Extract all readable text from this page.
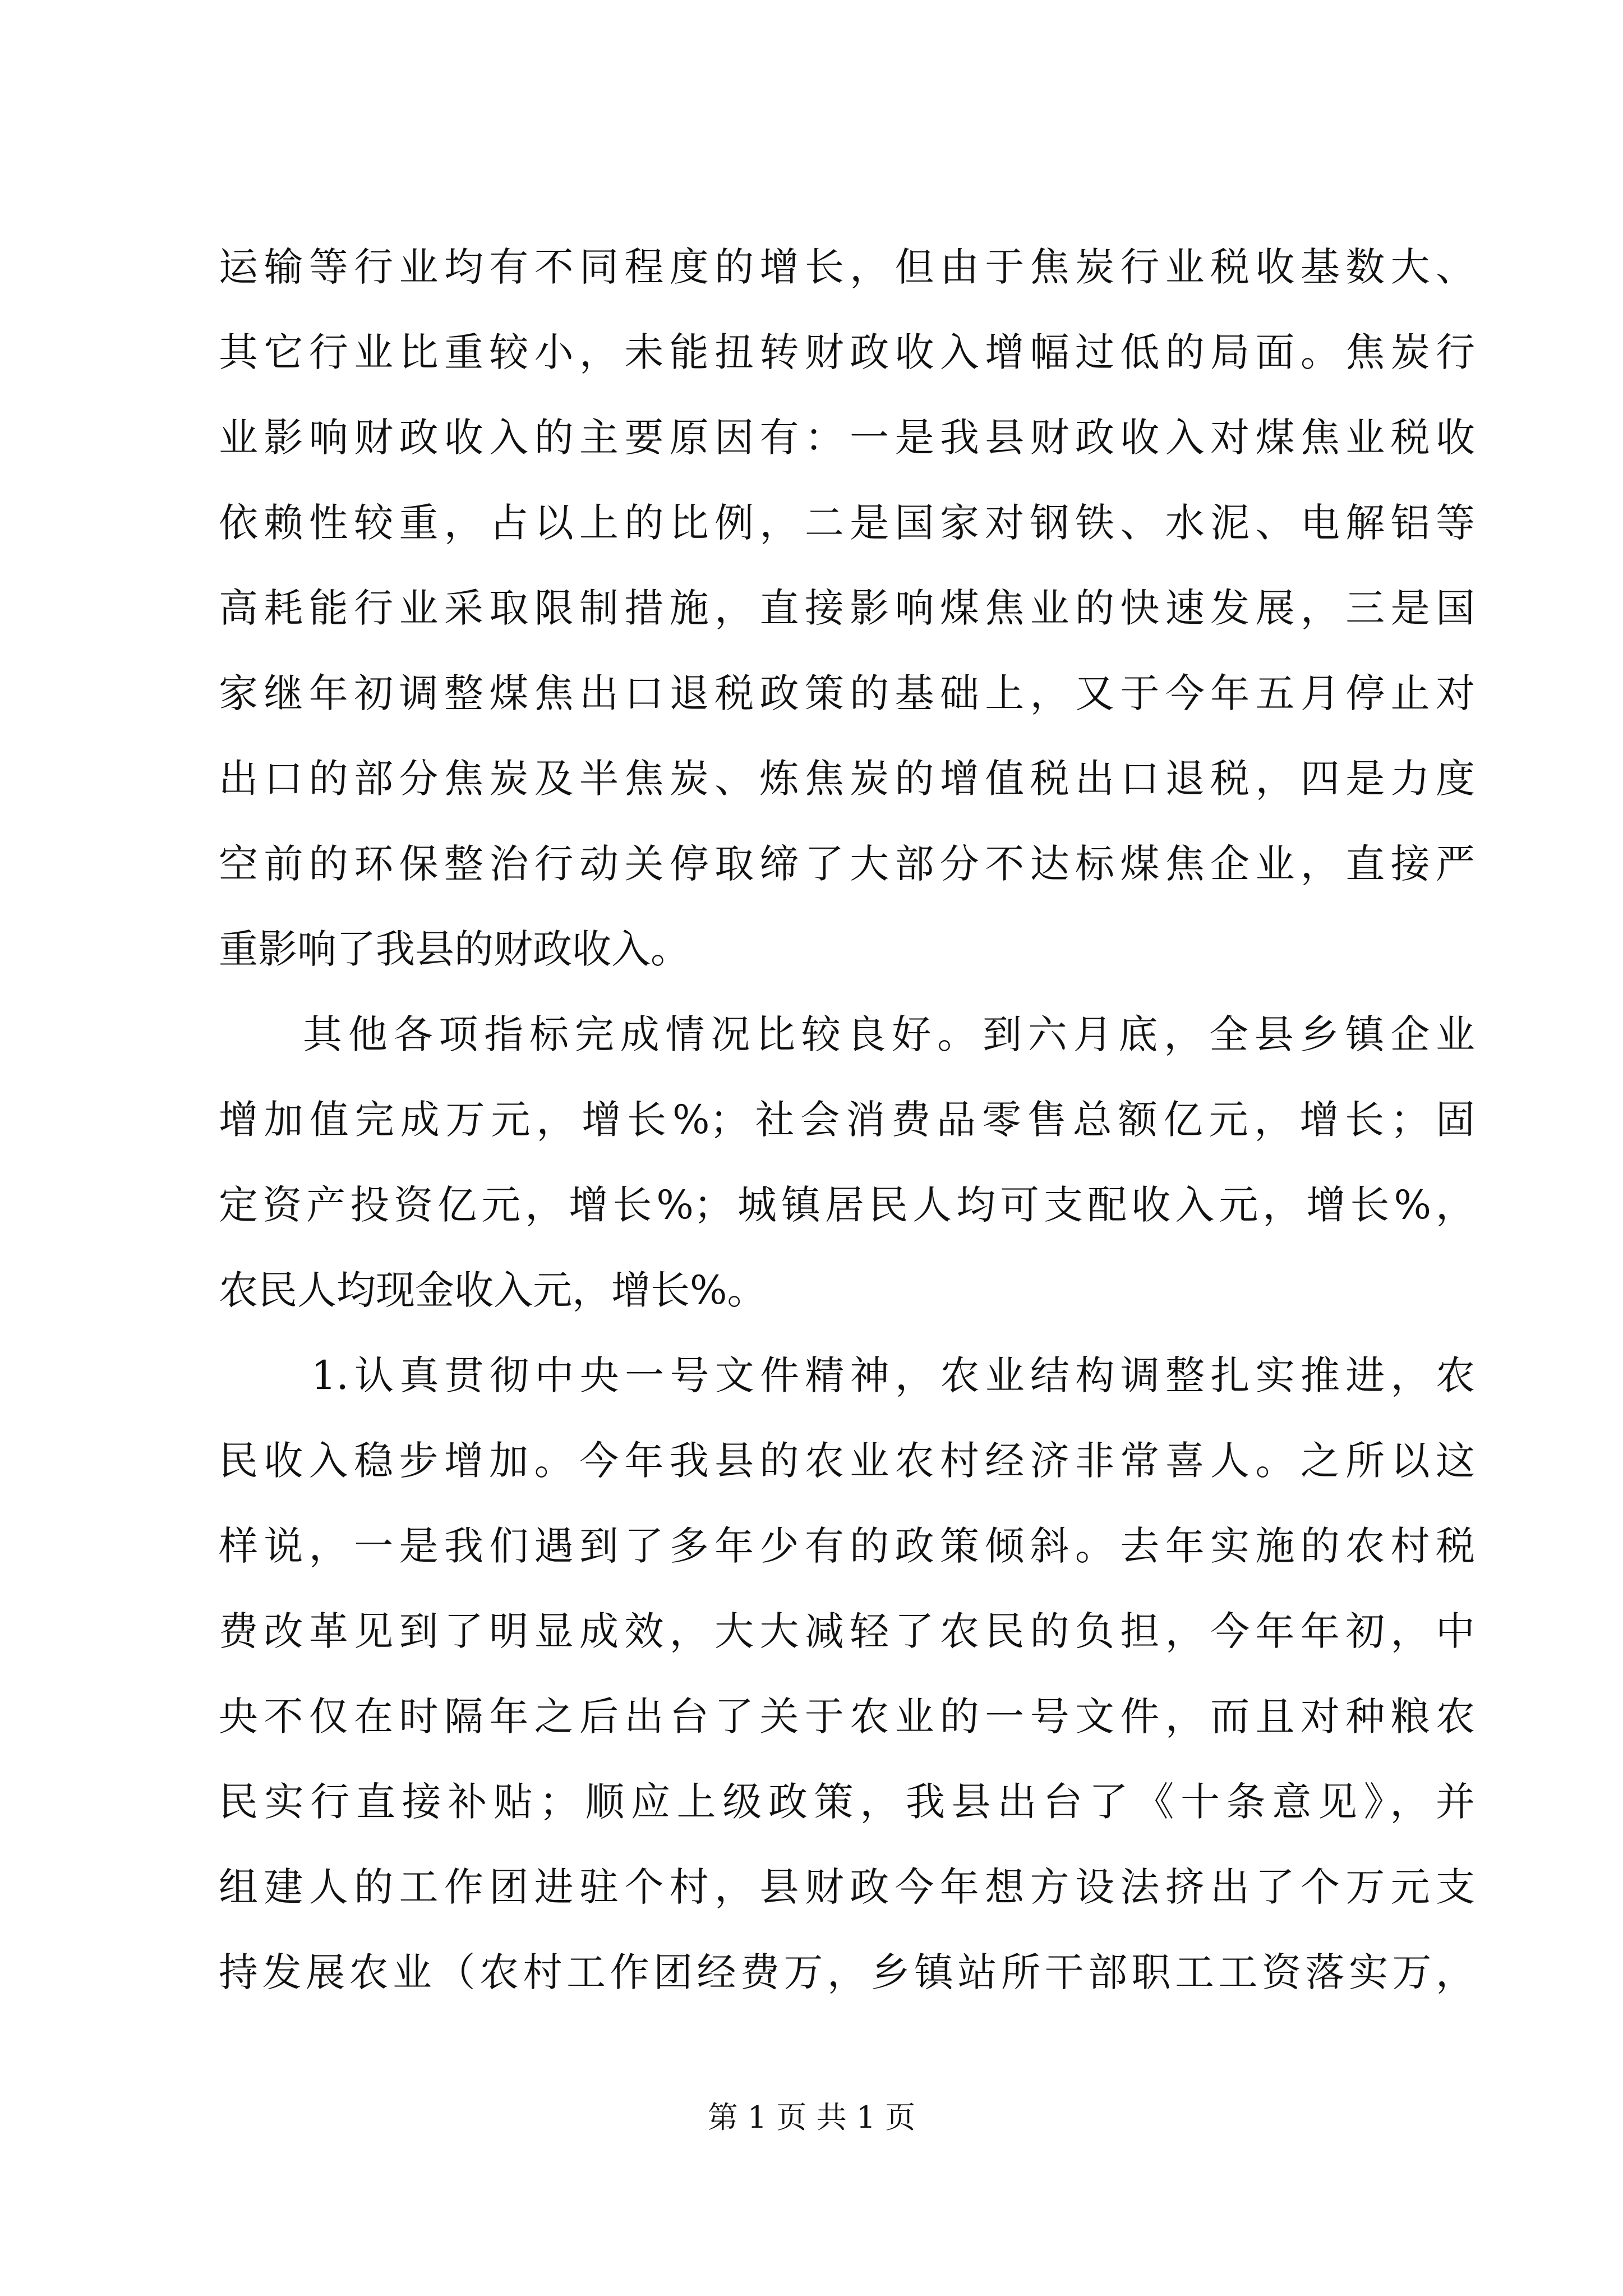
运输等行业均有不同程度的增长，但由于焦炭行业税收基数大、
其它行业比重较小，未能扭转财政收入增幅过低的局面。焦炭行
业影响财政收入的主要原因有：一是我县财政收入对煤焦业税收
依赖性较重，占以上的比例，二是国家对钢铁、水泥、电解铝等
高耗能行业采取限制措施，直接影响煤焦业的快速发展，三是国
家继年初调整煤焦出口退税政策的基础上，又于今年五月停止对
出口的部分焦炭及半焦炭、炼焦炭的增值税出口退税，四是力度
空前的环保整治行动关停取缔了大部分不达标煤焦企业，直接严
重影响了我县的财政收入。
其他各项指标完成情况比较良好。到六月底，全县乡镇企业
增加值完成万元，增长%；社会消费品零售总额亿元，增长；固
定资产投资亿元，增长%；城镇居民人均可支配收入元，增长%，
农民人均现金收入元，增长%。
1.认真贯彻中央一号文件精神，农业结构调整扎实推进，农
民收入稳步增加。今年我县的农业农村经济非常喜人。之所以这
样说，一是我们遇到了多年少有的政策倾斜。去年实施的农村税
费改革见到了明显成效，大大减轻了农民的负担，今年年初，中
央不仅在时隔年之后出台了关于农业的一号文件，而且对种粮农
民实行直接补贴；顺应上级政策，我县出台了《十条意见》，并
组建人的工作团进驻个村，县财政今年想方设法挤出了个万元支
持发展农业（农村工作团经费万，乡镇站所干部职工工资落实万，
第 1 页 共 1 页
